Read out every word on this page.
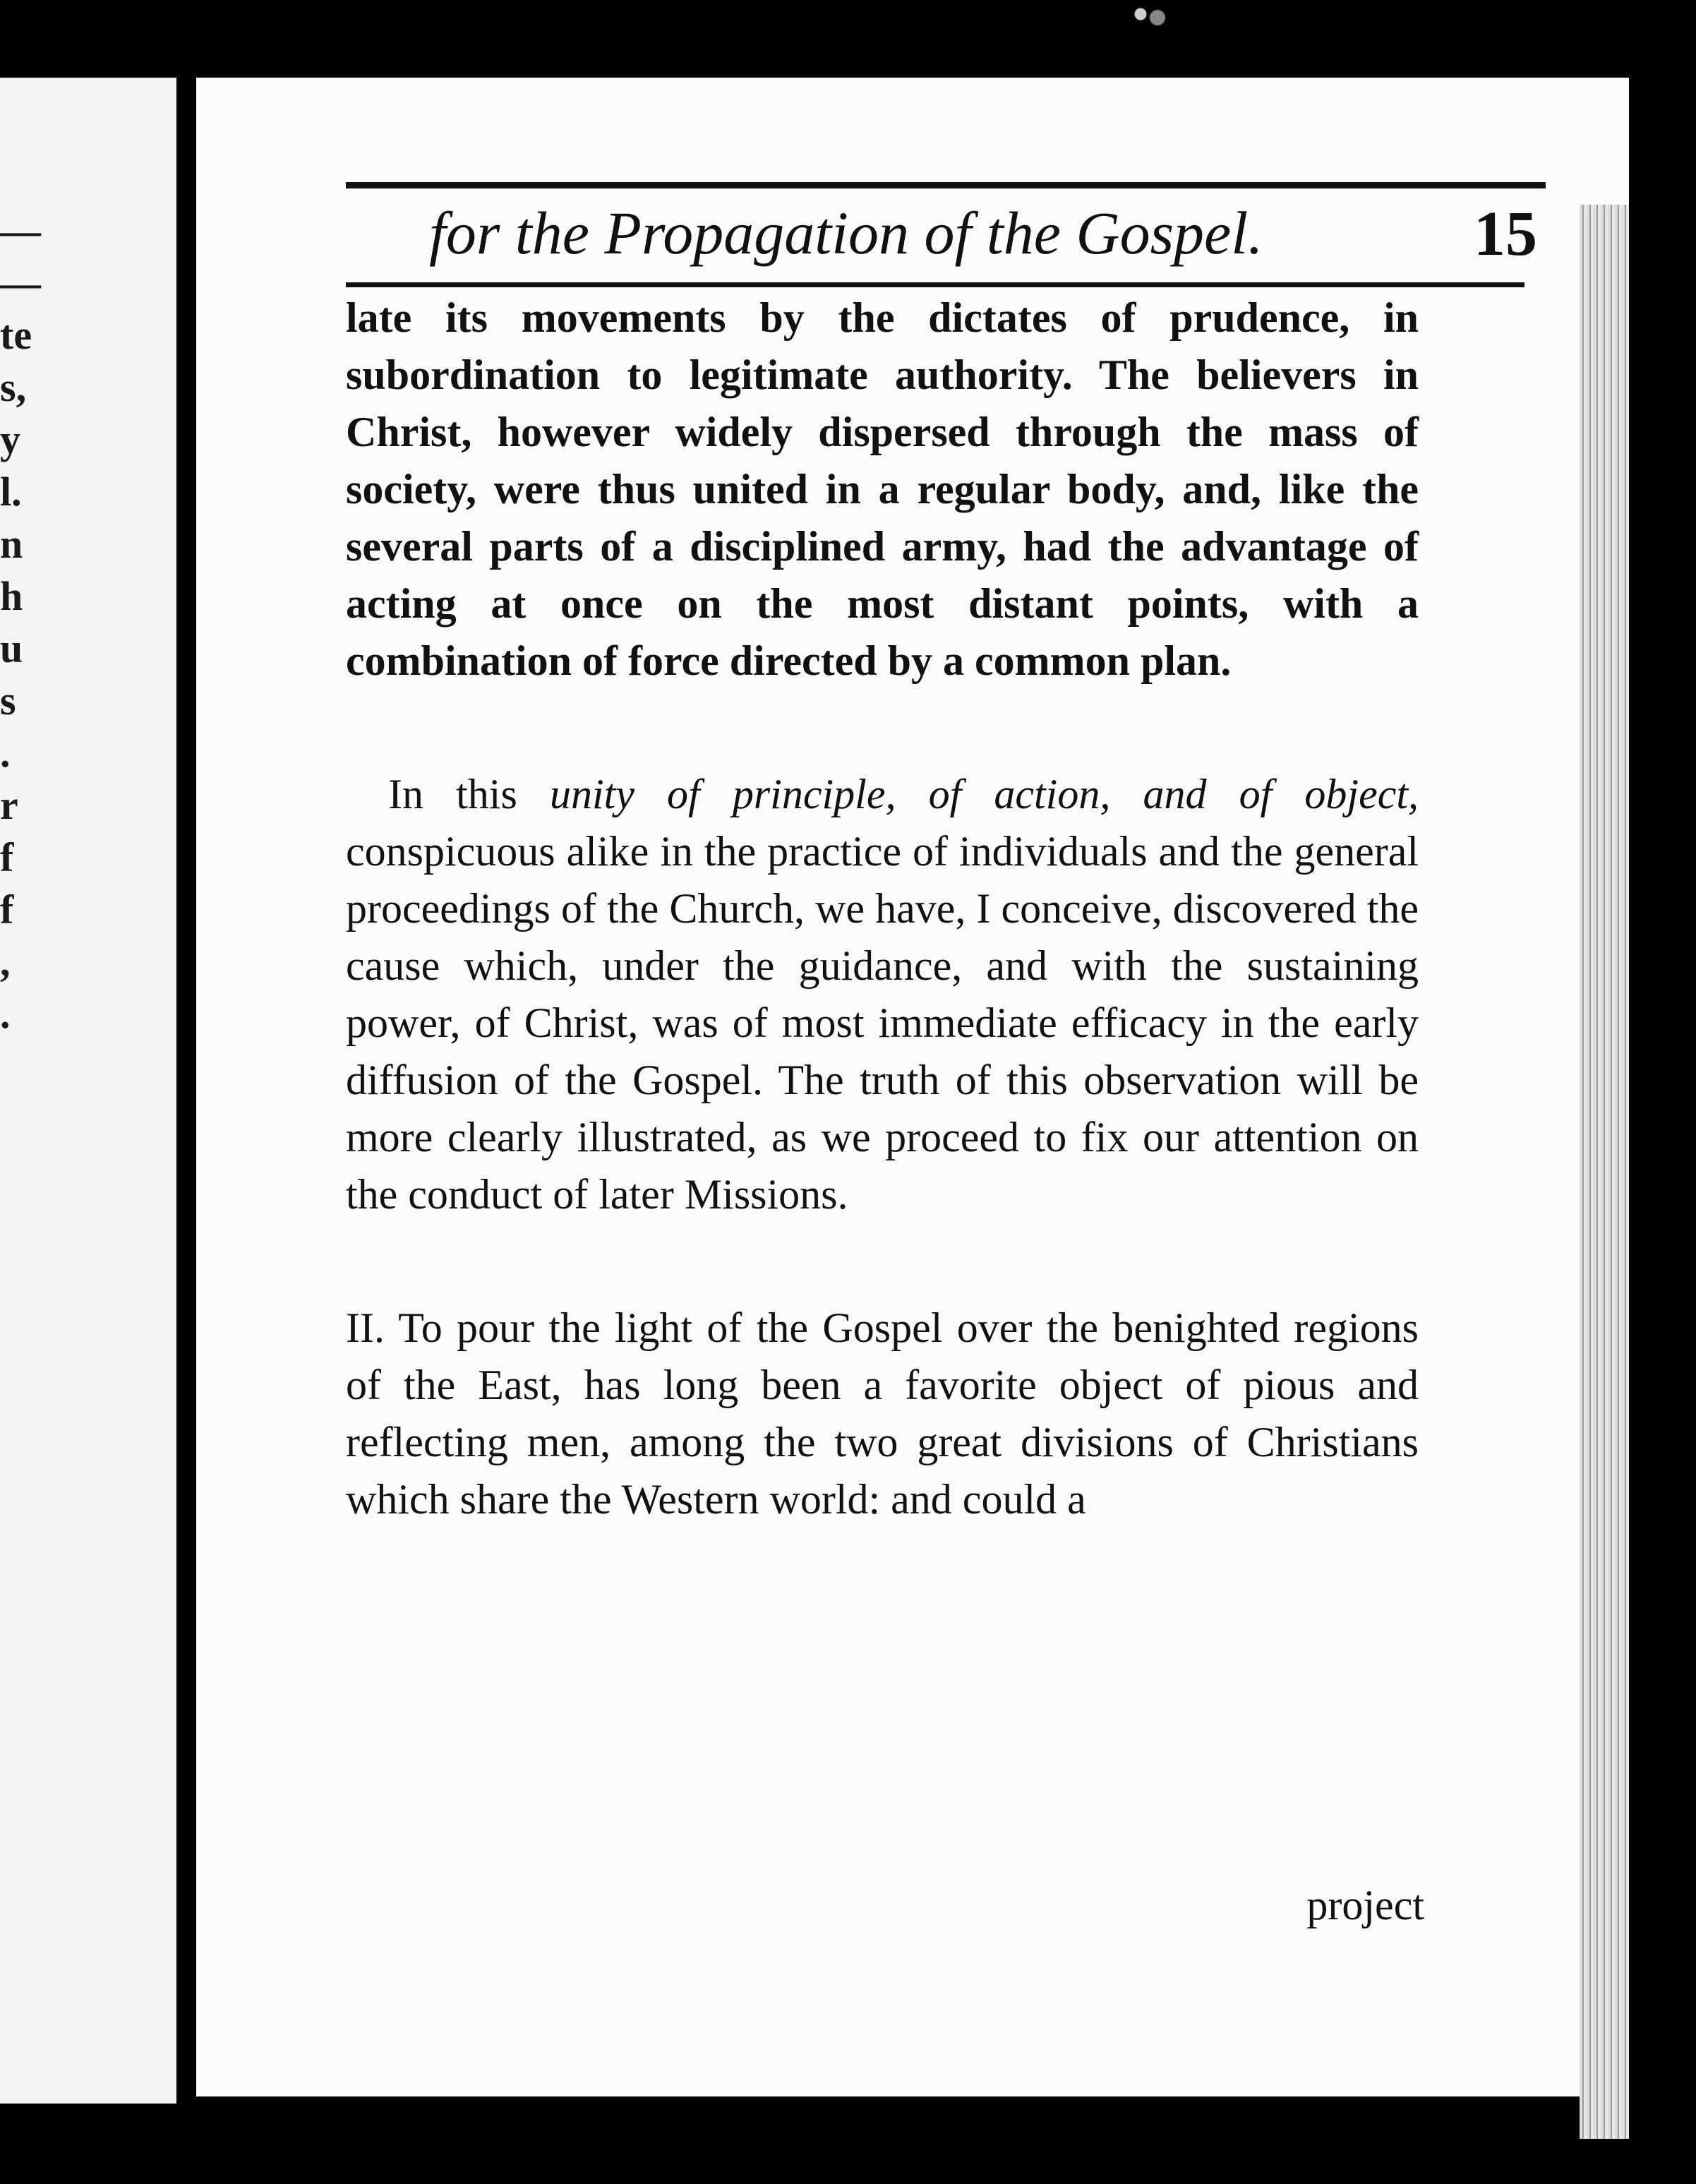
—
—
te
s,
y
l.
n
h
u
s
.
r
f
f
,
.
for the Propagation of the Gospel.	15

late its movements by the dictates of prudence, in subordination to legitimate authority. The believers in Christ, however widely dispersed through the mass of society, were thus united in a regular body, and, like the several parts of a disciplined army, had the advantage of acting at once on the most distant points, with a combination of force directed by a common plan.

In this unity of principle, of action, and of object, conspicuous alike in the practice of individuals and the general proceedings of the Church, we have, I conceive, discovered the cause which, under the guidance, and with the sustaining power, of Christ, was of most immediate efficacy in the early diffusion of the Gospel. The truth of this observation will be more clearly illustrated, as we proceed to fix our attention on the conduct of later Missions.

II. To pour the light of the Gospel over the benighted regions of the East, has long been a favorite object of pious and reflecting men, among the two great divisions of Christians which share the Western world: and could a

project
